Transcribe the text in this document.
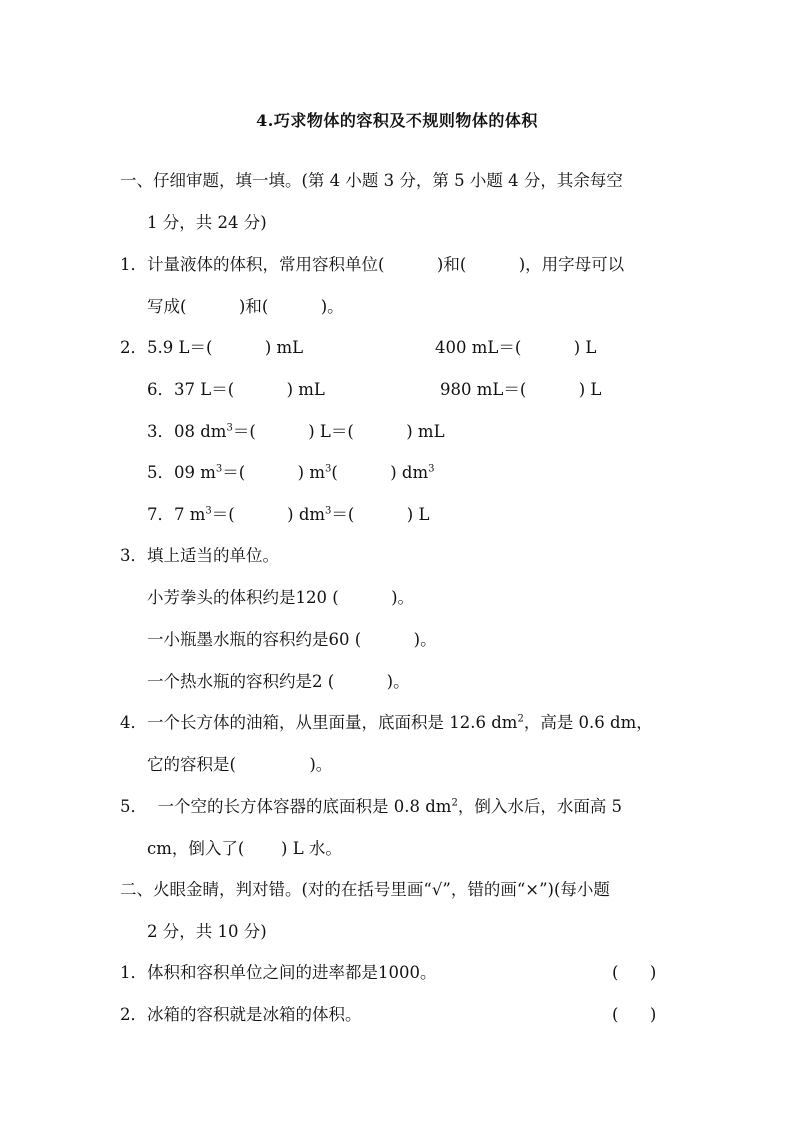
4.巧求物体的容积及不规则物体的体积
一、仔细审题，填一填。(第 4 小题 3 分，第 5 小题 4 分，其余每空
1 分，共 24 分)
1．计量液体的体积，常用容积单位(          )和(          )，用字母可以
写成(          )和(          )。
2．5.9 L＝(          ) mL	400 mL＝(          ) L
6．37 L＝(          ) mL	980 mL＝(          ) L
3．08 $dm^3=$(          ) L＝(          ) mL
5．09 $m^3=$(          ) $m^3$(          ) $dm^3$
7．7 $m^3=$(          ) $dm^3=$(          ) L
3．填上适当的单位。
小芳拳头的体积约是120 (          )。
一小瓶墨水瓶的容积约是60 (          )。
一个热水瓶的容积约是2 (          )。
4．一个长方体的油箱，从里面量，底面积是 12.6 $dm^2$，高是 0.6 dm，
它的容积是(              )。
5．  一个空的长方体容器的底面积是 0.8 $dm^2$，倒入水后，水面高 5
cm，倒入了(       ) L 水。
二、火眼金睛，判对错。(对的在括号里画“√”，错的画“×”)(每小题
2 分，共 10 分)
1．体积和容积单位之间的进率都是1000。	(      )
2．冰箱的容积就是冰箱的体积。	(      )
